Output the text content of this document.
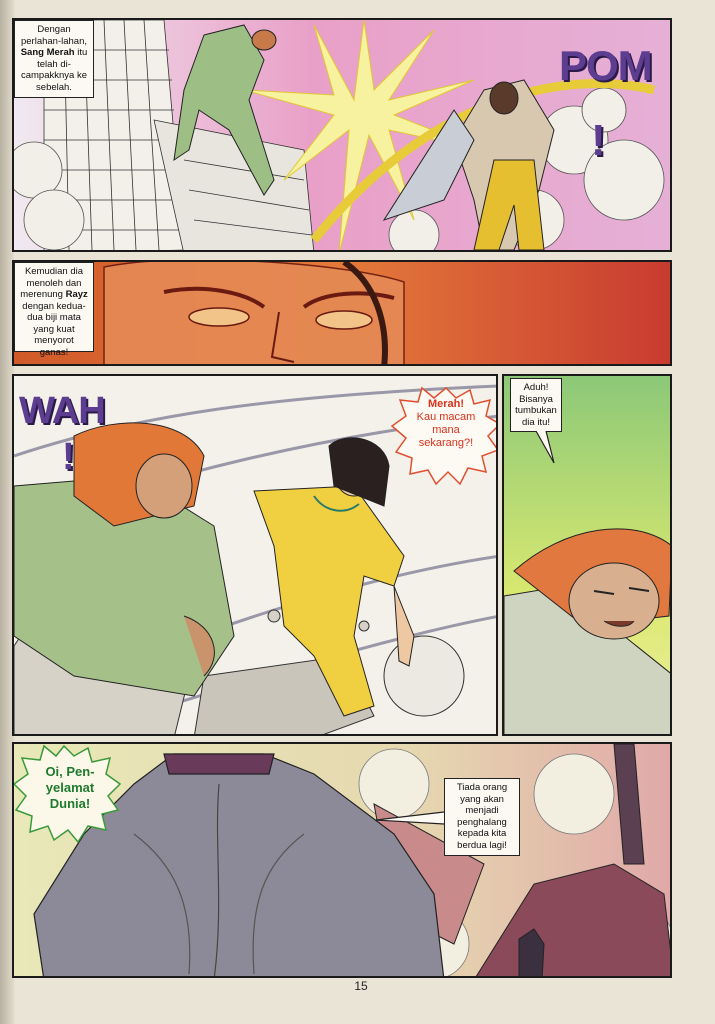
Dengan perlahan-lahan, Sang Merah itu telah di-campakknya ke sebelah.	POM
!
Kemudian dia menoleh dan merenung Rayz dengan kedua-dua biji mata yang kuat menyorot ganas!
WAH
!
Merah!
Kau macam mana sekarang?!
Aduh! Bisanya tumbukan dia itu!
Oi, Pen-yelamat Dunia!
Tiada orang yang akan menjadi penghalang kepada kita berdua lagi!
15
